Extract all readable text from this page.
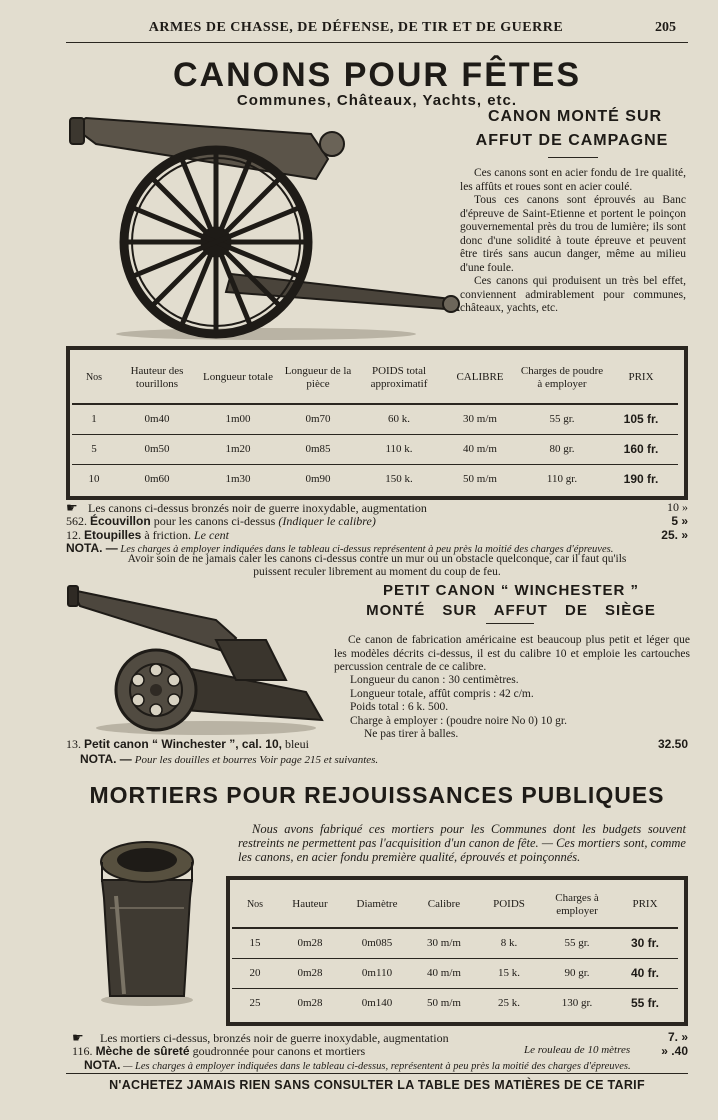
ARMES DE CHASSE, DE DÉFENSE, DE TIR ET DE GUERRE	205
CANONS POUR FÊTES
Communes, Châteaux, Yachts, etc.
CANON MONTÉ SUR
AFFUT DE CAMPAGNE

Ces canons sont en acier fondu de 1re qualité, les affûts et roues sont en acier coulé.

Tous ces canons sont éprouvés au Banc d'épreuve de Saint-Etienne et portent le poinçon gouvernemental près du trou de lumière; ils sont donc d'une solidité à toute épreuve et peuvent être tirés sans aucun danger, même au milieu d'une foule.

Ces canons qui produisent un très bel effet, conviennent admirablement pour communes, châteaux, yachts, etc.

Nos	Hauteur des tourillons	Longueur totale	Longueur de la pièce	POIDS total approximatif	CALIBRE	Charges de poudre à employer	PRIX
1	0m40	1m00	0m70	60 k.	30 m/m	55 gr.	105 fr.
5	0m50	1m20	0m85	110 k.	40 m/m	80 gr.	160 fr.
10	0m60	1m30	0m90	150 k.	50 m/m	110 gr.	190 fr.
☛ Les canons ci-dessus bronzés noir de guerre inoxydable, augmentation	10 »
562. Écouvillon pour les canons ci-dessus (Indiquer le calibre)	5 »
12. Etoupilles à friction. Le cent	25. »
NOTA. — Les charges à employer indiquées dans le tableau ci-dessus représentent à peu près la moitié des charges d'épreuves.
Avoir soin de ne jamais caler les canons ci-dessus contre un mur ou un obstacle quelconque, car il faut qu'ils
puissent reculer librement au moment du coup de feu.
PETIT CANON “ WINCHESTER ”
MONTÉ SUR AFFUT DE SIÈGE

Ce canon de fabrication américaine est beaucoup plus petit et léger que les modèles décrits ci-dessus, il est du calibre 10 et emploie les cartouches percussion centrale de ce calibre.

Longueur du canon : 30 centimètres.
Longueur totale, affût compris : 42 c/m.
Poids total : 6 k. 500.
Charge à employer : (poudre noire No 0) 10 gr.
Ne pas tirer à balles.
13. Petit canon “ Winchester ”, cal. 10, bleui	32.50
NOTA. — Pour les douilles et bourres Voir page 215 et suivantes.
MORTIERS POUR REJOUISSANCES PUBLIQUES

Nous avons fabriqué ces mortiers pour les Communes dont les budgets souvent restreints ne permettent pas l'acquisition d'un canon de fête. — Ces mortiers sont, comme les canons, en acier fondu première qualité, éprouvés et poinçonnés.

Nos	Hauteur	Diamètre	Calibre	POIDS	Charges à employer	PRIX
15	0m28	0m085	30 m/m	8 k.	55 gr.	30 fr.
20	0m28	0m110	40 m/m	15 k.	90 gr.	40 fr.
25	0m28	0m140	50 m/m	25 k.	130 gr.	55 fr.
☛ Les mortiers ci-dessus, bronzés noir de guerre inoxydable, augmentation	7. »
116. Mèche de sûreté goudronnée pour canons et mortiers	Le rouleau de 10 mètres	» .40
NOTA. — Les charges à employer indiquées dans le tableau ci-dessus, représentent à peu près la moitié des charges d'épreuves.
N'ACHETEZ JAMAIS RIEN SANS CONSULTER LA TABLE DES MATIÈRES DE CE TARIF
